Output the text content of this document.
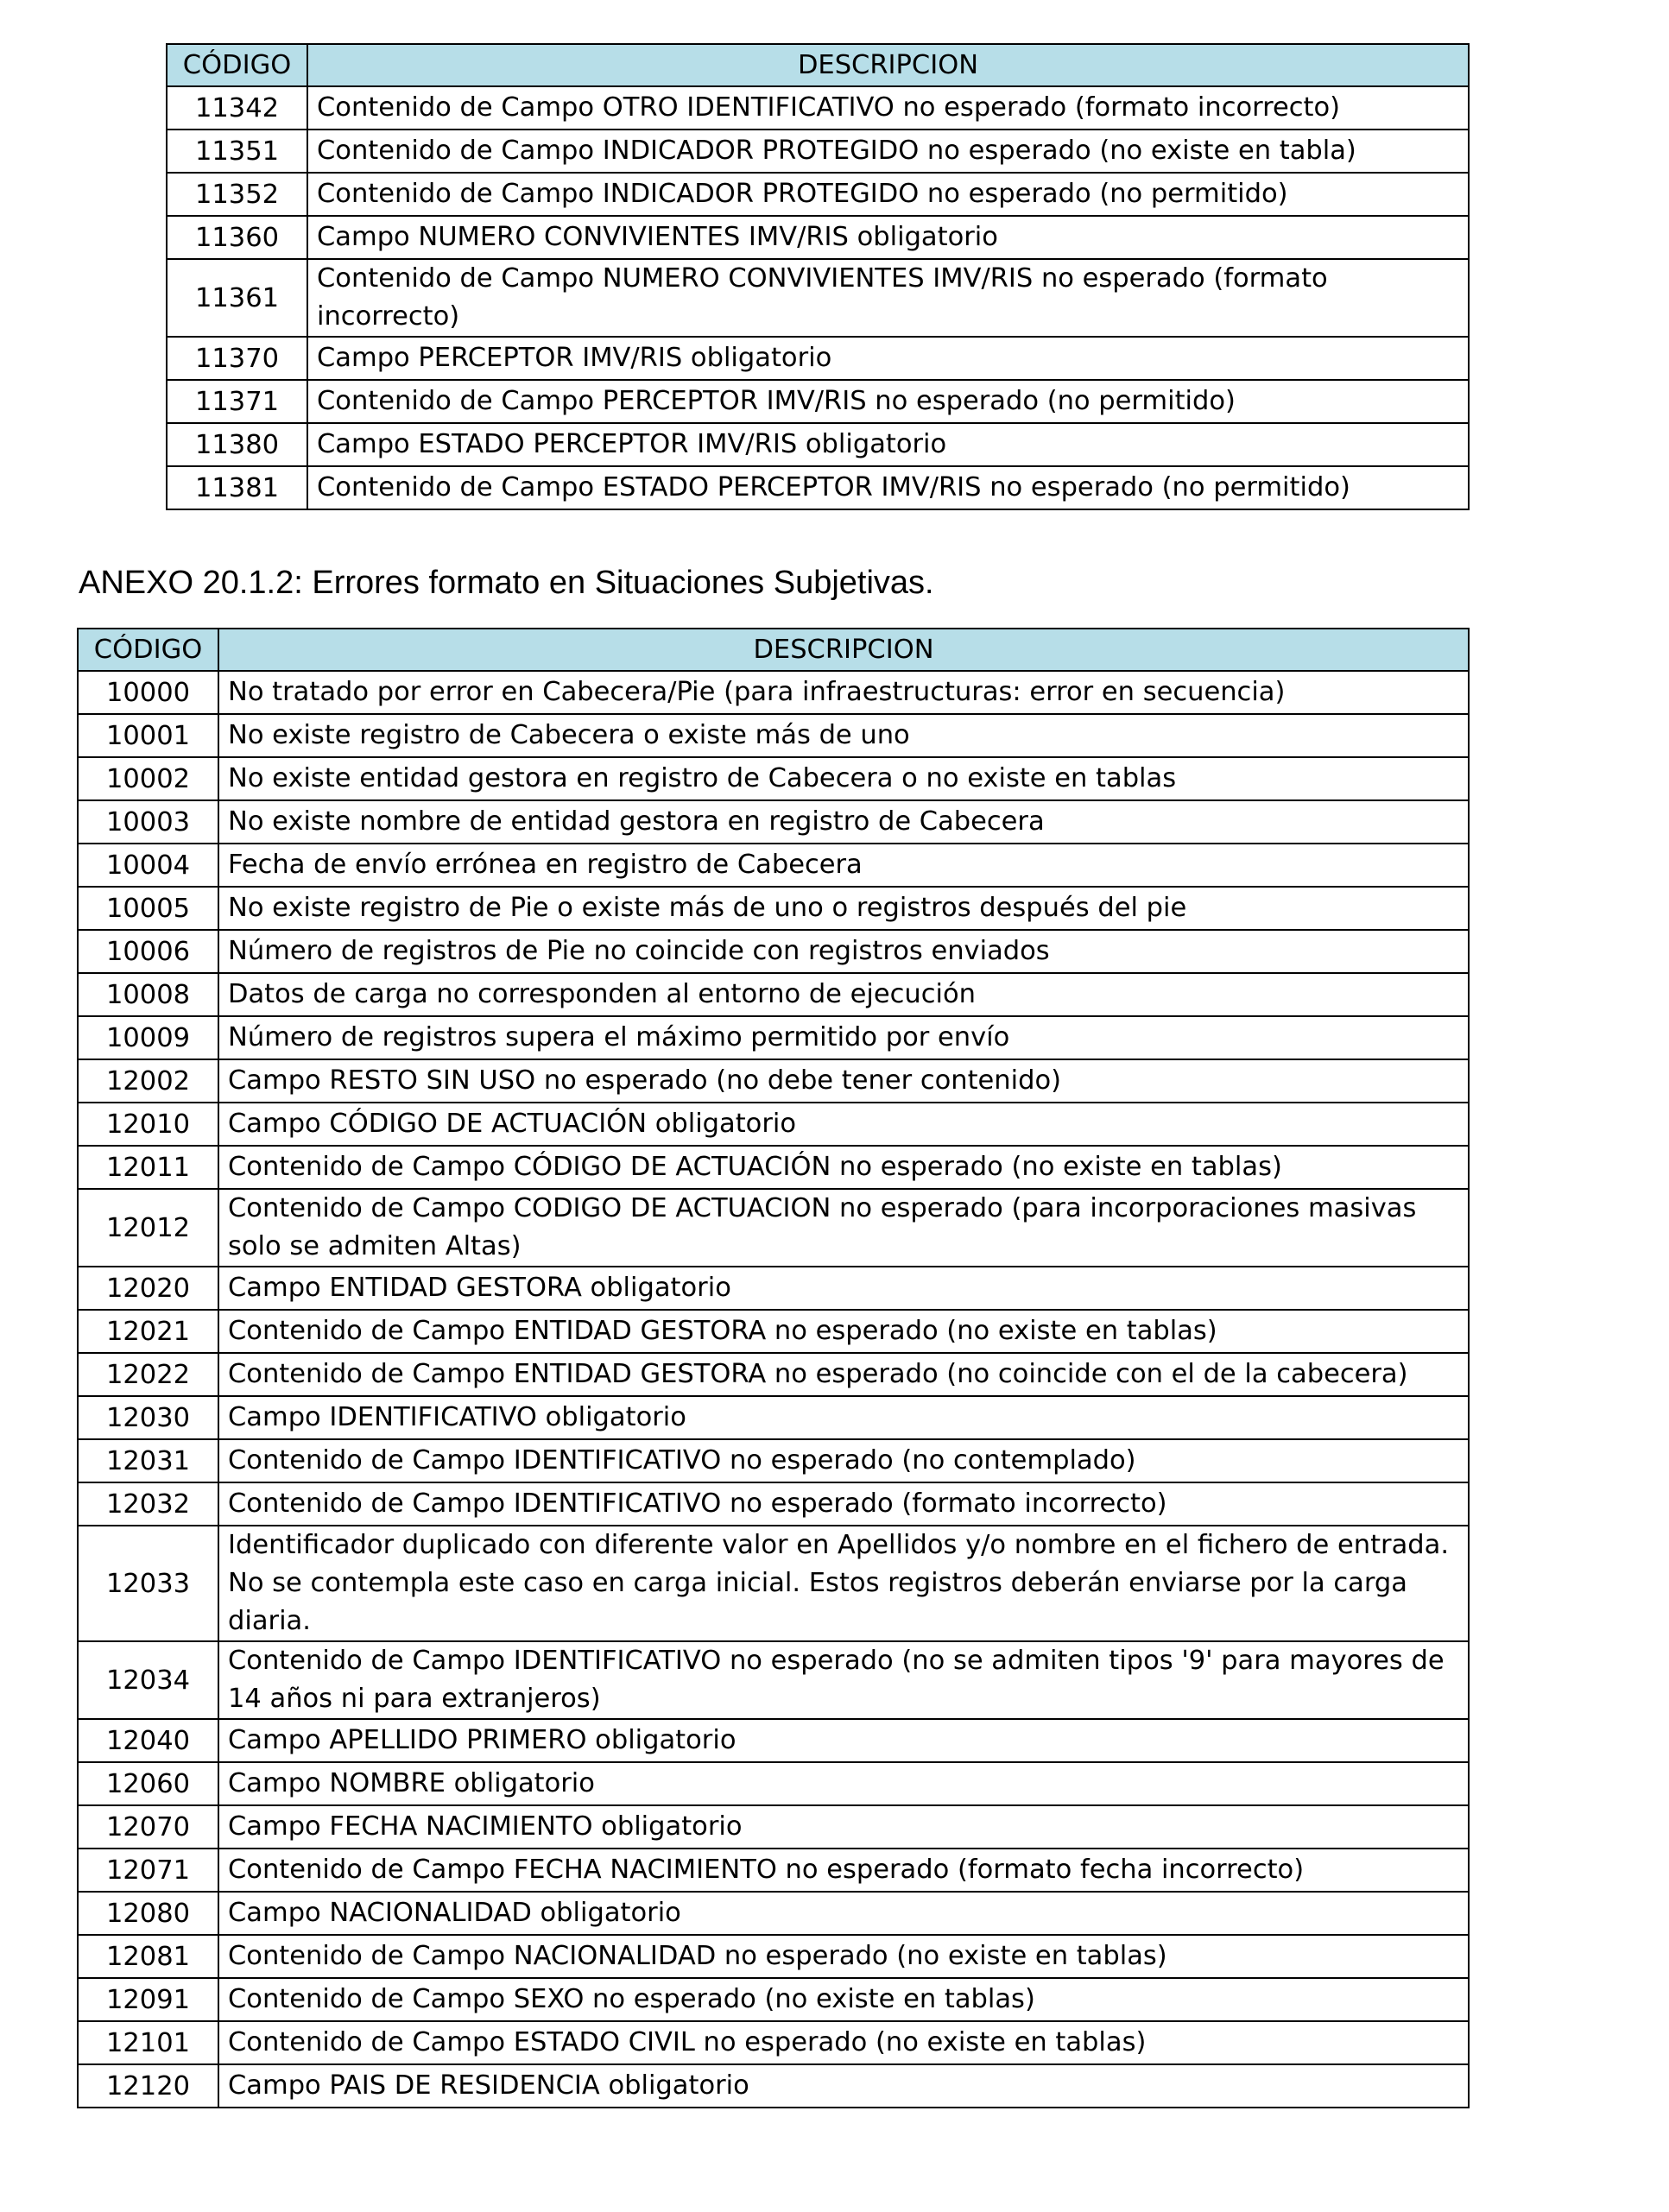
CÓDIGO	DESCRIPCION
11342	Contenido de Campo OTRO IDENTIFICATIVO no esperado (formato incorrecto)
11351	Contenido de Campo INDICADOR PROTEGIDO no esperado (no existe en tabla)
11352	Contenido de Campo INDICADOR PROTEGIDO no esperado (no permitido)
11360	Campo NUMERO CONVIVIENTES IMV/RIS obligatorio
11361	Contenido de Campo NUMERO CONVIVIENTES IMV/RIS no esperado (formato incorrecto)
11370	Campo PERCEPTOR IMV/RIS obligatorio
11371	Contenido de Campo PERCEPTOR IMV/RIS no esperado (no permitido)
11380	Campo ESTADO PERCEPTOR IMV/RIS obligatorio
11381	Contenido de Campo ESTADO PERCEPTOR IMV/RIS no esperado (no permitido)
ANEXO 20.1.2: Errores formato en Situaciones Subjetivas.
CÓDIGO	DESCRIPCION
10000	No tratado por error en Cabecera/Pie (para infraestructuras: error en secuencia)
10001	No existe registro de Cabecera o existe más de uno
10002	No existe entidad gestora en registro de Cabecera o no existe en tablas
10003	No existe nombre de entidad gestora en registro de Cabecera
10004	Fecha de envío errónea en registro de Cabecera
10005	No existe registro de Pie o existe más de uno o registros después del pie
10006	Número de registros de Pie no coincide con registros enviados
10008	Datos de carga no corresponden al entorno de ejecución
10009	Número de registros supera el máximo permitido por envío
12002	Campo RESTO SIN USO no esperado (no debe tener contenido)
12010	Campo CÓDIGO DE ACTUACIÓN obligatorio
12011	Contenido de Campo CÓDIGO DE ACTUACIÓN no esperado (no existe en tablas)
12012	Contenido de Campo CODIGO DE ACTUACION no esperado (para incorporaciones masivas solo se admiten Altas)
12020	Campo ENTIDAD GESTORA obligatorio
12021	Contenido de Campo ENTIDAD GESTORA no esperado (no existe en tablas)
12022	Contenido de Campo ENTIDAD GESTORA no esperado (no coincide con el de la cabecera)
12030	Campo IDENTIFICATIVO obligatorio
12031	Contenido de Campo IDENTIFICATIVO no esperado (no contemplado)
12032	Contenido de Campo IDENTIFICATIVO no esperado (formato incorrecto)
12033	Identificador duplicado con diferente valor en Apellidos y/o nombre en el fichero de entrada. No se contempla este caso en carga inicial. Estos registros deberán enviarse por la carga diaria.
12034	Contenido de Campo IDENTIFICATIVO no esperado (no se admiten tipos '9' para mayores de 14 años ni para extranjeros)
12040	Campo APELLIDO PRIMERO obligatorio
12060	Campo NOMBRE obligatorio
12070	Campo FECHA NACIMIENTO obligatorio
12071	Contenido de Campo FECHA NACIMIENTO no esperado (formato fecha incorrecto)
12080	Campo NACIONALIDAD obligatorio
12081	Contenido de Campo NACIONALIDAD no esperado (no existe en tablas)
12091	Contenido de Campo SEXO no esperado (no existe en tablas)
12101	Contenido de Campo ESTADO CIVIL no esperado (no existe en tablas)
12120	Campo PAIS DE RESIDENCIA obligatorio
